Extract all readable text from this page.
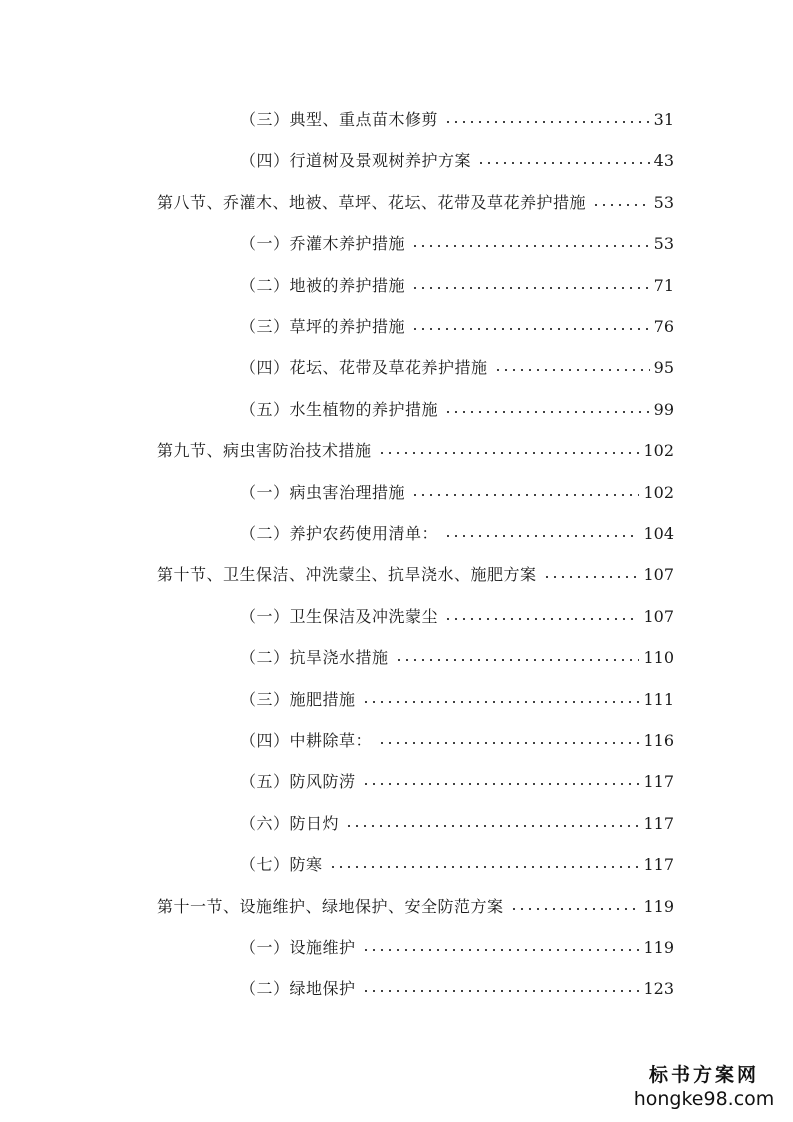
（三）典型、重点苗木修剪	31
（四）行道树及景观树养护方案	43
第八节、乔灌木、地被、草坪、花坛、花带及草花养护措施	53
（一）乔灌木养护措施	53
（二）地被的养护措施	71
（三）草坪的养护措施	76
（四）花坛、花带及草花养护措施	95
（五）水生植物的养护措施	99
第九节、病虫害防治技术措施	102
（一）病虫害治理措施	102
（二）养护农药使用清单：	104
第十节、卫生保洁、冲洗蒙尘、抗旱浇水、施肥方案	107
（一）卫生保洁及冲洗蒙尘	107
（二）抗旱浇水措施	110
（三）施肥措施	111
（四）中耕除草：	116
（五）防风防涝	117
（六）防日灼	117
（七）防寒	117
第十一节、设施维护、绿地保护、安全防范方案	119
（一）设施维护	119
（二）绿地保护	123
标书方案网
hongke98.com
